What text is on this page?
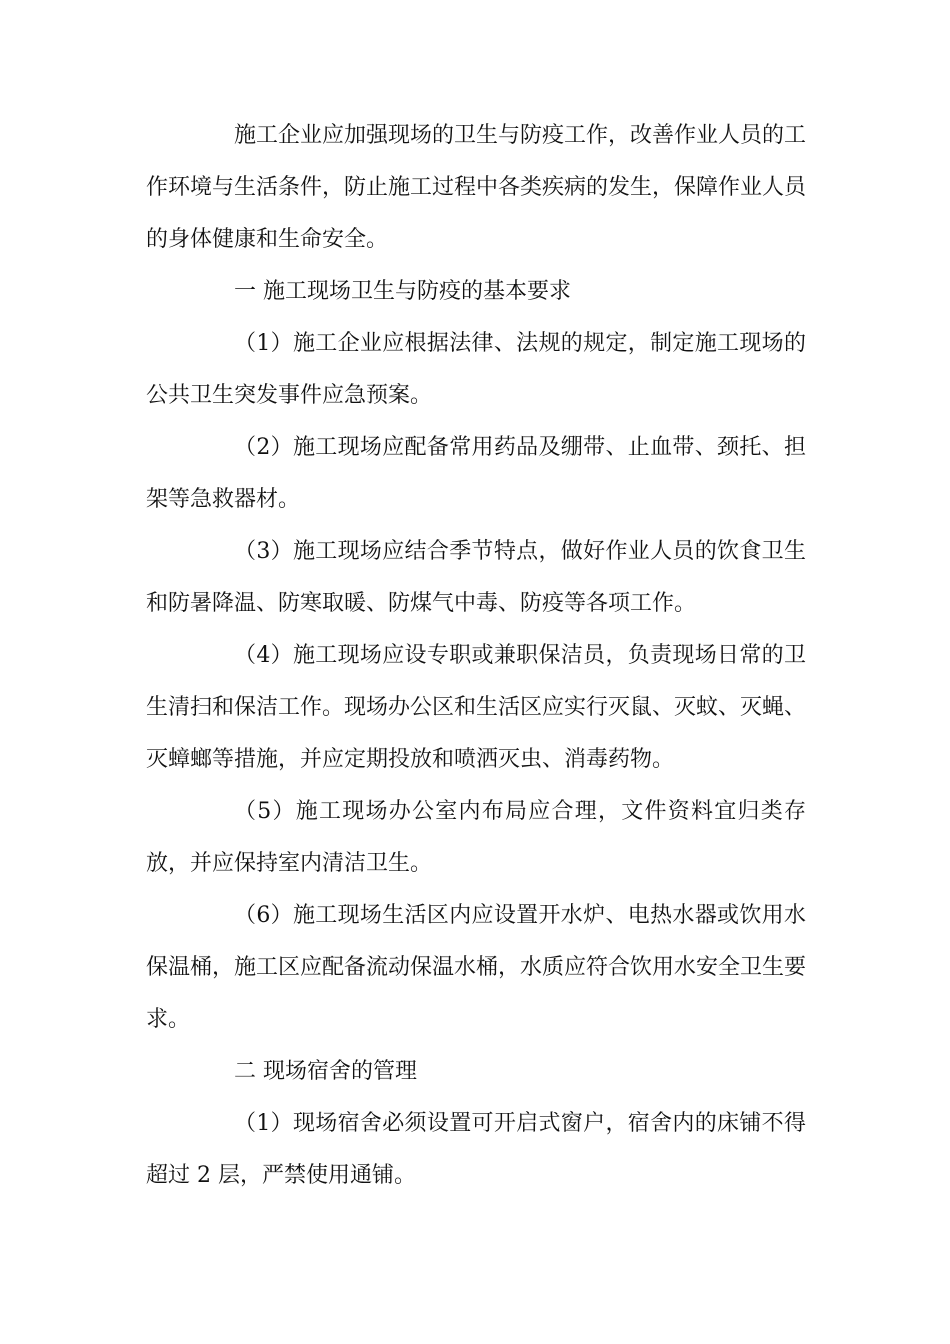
施工企业应加强现场的卫生与防疫工作，改善作业人员的工作环境与生活条件，防止施工过程中各类疾病的发生，保障作业人员的身体健康和生命安全。

一 施工现场卫生与防疫的基本要求

（1）施工企业应根据法律、法规的规定，制定施工现场的公共卫生突发事件应急预案。

（2）施工现场应配备常用药品及绷带、止血带、颈托、担架等急救器材。

（3）施工现场应结合季节特点，做好作业人员的饮食卫生和防暑降温、防寒取暖、防煤气中毒、防疫等各项工作。

（4）施工现场应设专职或兼职保洁员，负责现场日常的卫生清扫和保洁工作。现场办公区和生活区应实行灭鼠、灭蚊、灭蝇、灭蟑螂等措施，并应定期投放和喷洒灭虫、消毒药物。

（5）施工现场办公室内布局应合理，文件资料宜归类存放，并应保持室内清洁卫生。

（6）施工现场生活区内应设置开水炉、电热水器或饮用水保温桶，施工区应配备流动保温水桶，水质应符合饮用水安全卫生要求。

二 现场宿舍的管理

（1）现场宿舍必须设置可开启式窗户，宿舍内的床铺不得超过 2 层，严禁使用通铺。
